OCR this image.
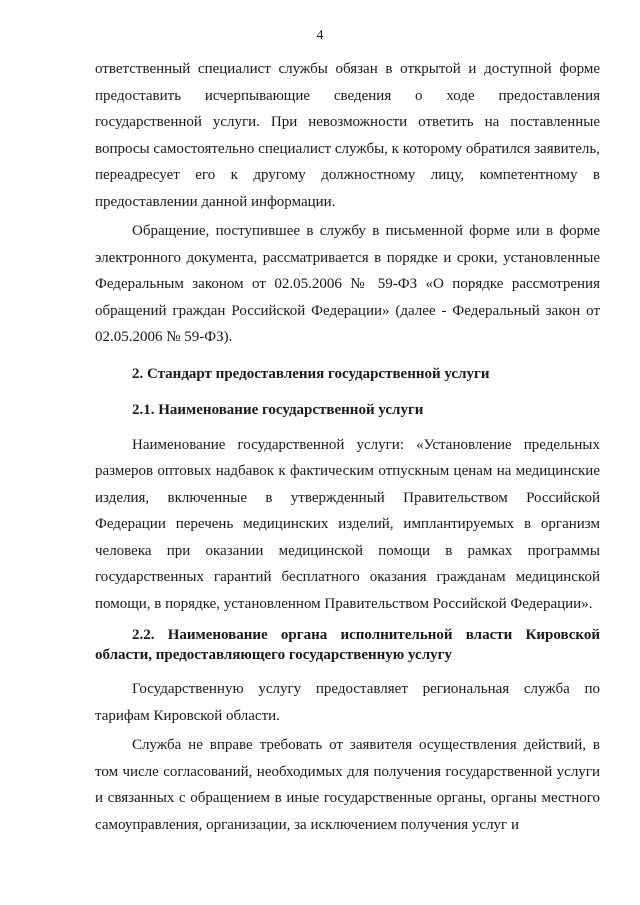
4

ответственный специалист службы обязан в открытой и доступной форме предоставить исчерпывающие сведения о ходе предоставления государственной услуги. При невозможности ответить на поставленные вопросы самостоятельно специалист службы, к которому обратился заявитель, переадресует его к другому должностному лицу, компетентному в предоставлении данной информации.

Обращение, поступившее в службу в письменной форме или в форме электронного документа, рассматривается в порядке и сроки, установленные Федеральным законом от 02.05.2006 № 59-ФЗ «О порядке рассмотрения обращений граждан Российской Федерации» (далее - Федеральный закон от 02.05.2006 № 59-ФЗ).

2. Стандарт предоставления государственной услуги

2.1. Наименование государственной услуги

Наименование государственной услуги: «Установление предельных размеров оптовых надбавок к фактическим отпускным ценам на медицинские изделия, включенные в утвержденный Правительством Российской Федерации перечень медицинских изделий, имплантируемых в организм человека при оказании медицинской помощи в рамках программы государственных гарантий бесплатного оказания гражданам медицинской помощи, в порядке, установленном Правительством Российской Федерации».

2.2. Наименование органа исполнительной власти Кировской области, предоставляющего государственную услугу

Государственную услугу предоставляет региональная служба по тарифам Кировской области.

Служба не вправе требовать от заявителя осуществления действий, в том числе согласований, необходимых для получения государственной услуги и связанных с обращением в иные государственные органы, органы местного самоуправления, организации, за исключением получения услуг и
